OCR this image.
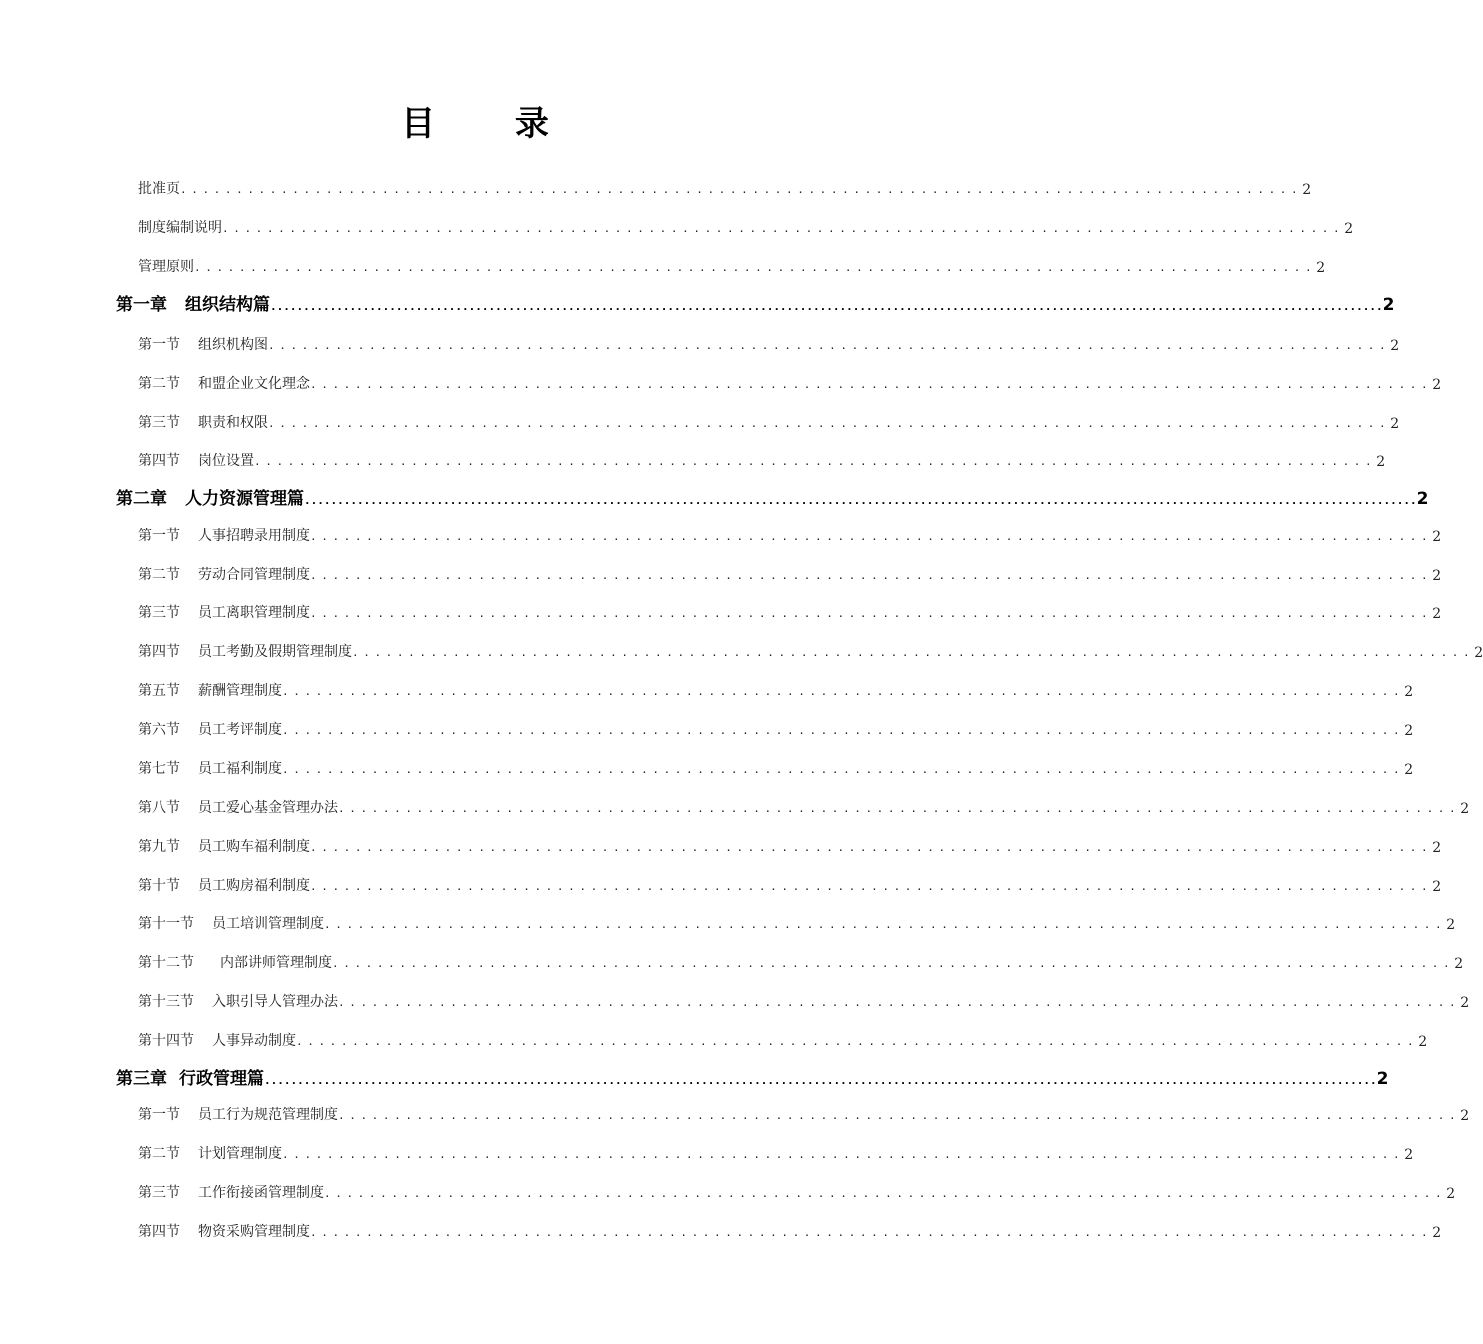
目 录
批准页 .................................................................................................... 2
制度编制说明 .................................................................................................... 2
管理原则 .................................................................................................... 2
第一章 组织结构篇 ........................................................................................................................................................................ 2
第一节 组织机构图 .................................................................................................... 2
第二节 和盟企业文化理念 .................................................................................................... 2
第三节 职责和权限 .................................................................................................... 2
第四节 岗位设置 .................................................................................................... 2
第二章 人力资源管理篇 ........................................................................................................................................................................ 2
第一节 人事招聘录用制度 .................................................................................................... 2
第二节 劳动合同管理制度 .................................................................................................... 2
第三节 员工离职管理制度 .................................................................................................... 2
第四节 员工考勤及假期管理制度 .................................................................................................... 2
第五节 薪酬管理制度 .................................................................................................... 2
第六节 员工考评制度 .................................................................................................... 2
第七节 员工福利制度 .................................................................................................... 2
第八节 员工爱心基金管理办法 .................................................................................................... 2
第九节 员工购车福利制度 .................................................................................................... 2
第十节 员工购房福利制度 .................................................................................................... 2
第十一节 员工培训管理制度 .................................................................................................... 2
第十二节 内部讲师管理制度 .................................................................................................... 2
第十三节 入职引导人管理办法 .................................................................................................... 2
第十四节 人事异动制度 .................................................................................................... 2
第三章 行政管理篇 ........................................................................................................................................................................ 2
第一节 员工行为规范管理制度 .................................................................................................... 2
第二节 计划管理制度 .................................................................................................... 2
第三节 工作衔接函管理制度 .................................................................................................... 2
第四节 物资采购管理制度 .................................................................................................... 2
